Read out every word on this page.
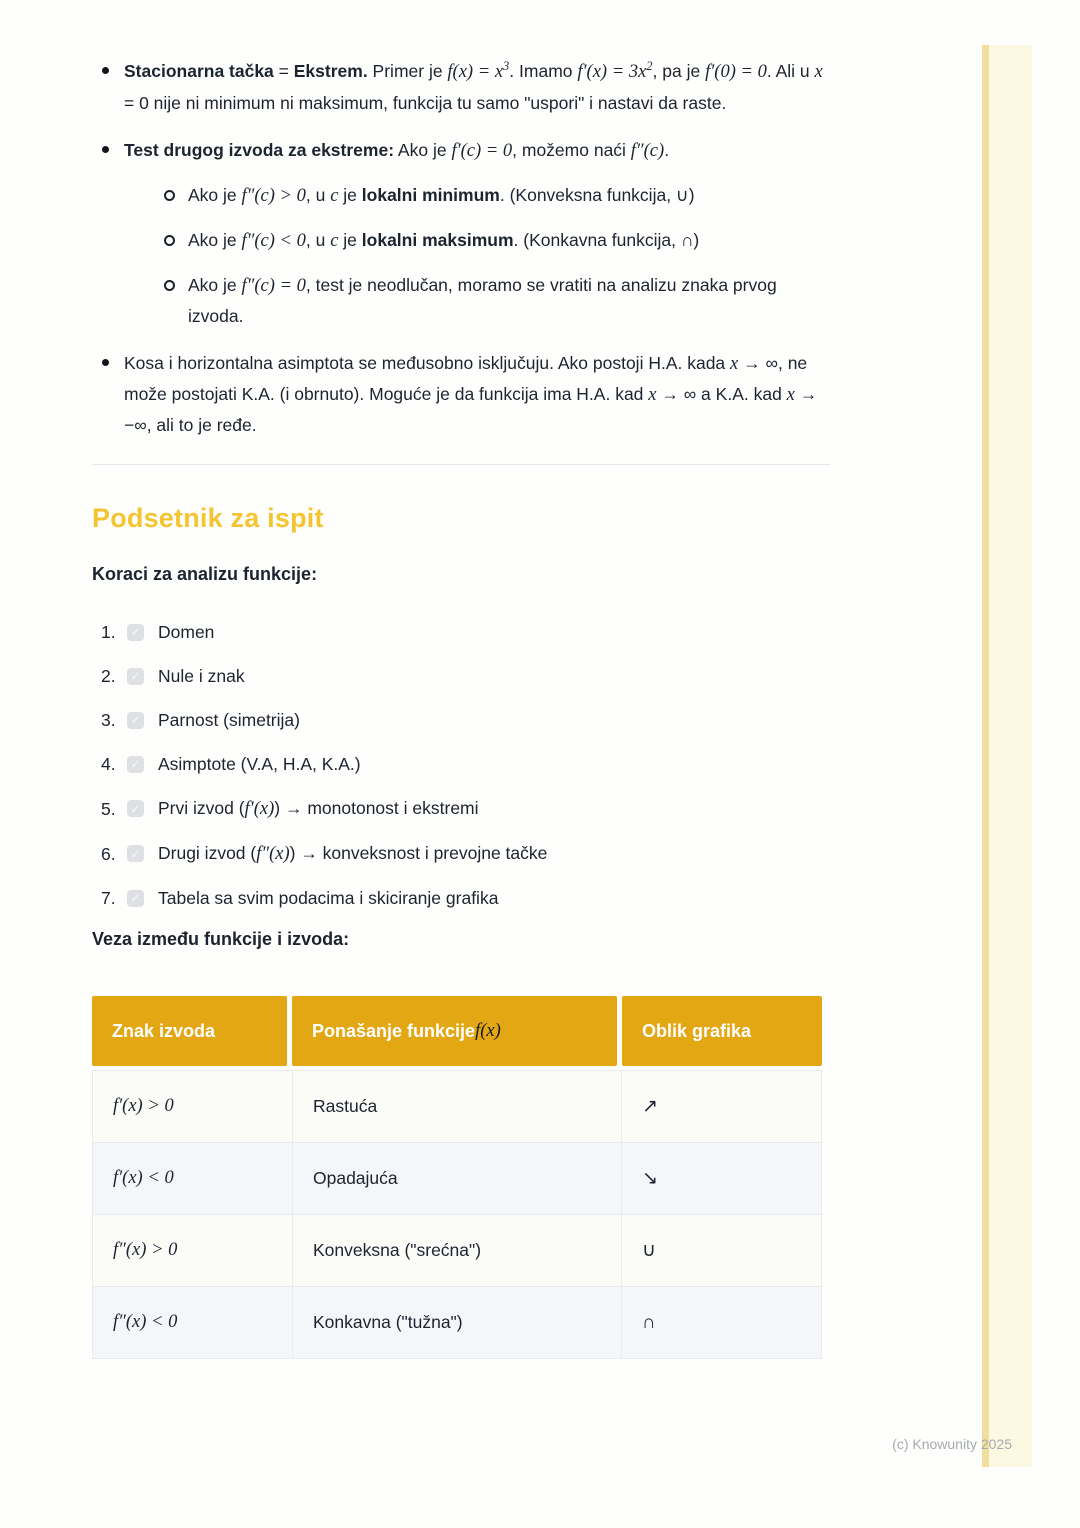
Stacionarna tačka = Ekstrem. Primer je $f(x) = x^3$. Imamo $f'(x) = 3x^2$, pa je f′(0) = 0. Ali u x = 0 nije ni minimum ni maksimum, funkcija tu samo "uspori" i nastavi da raste.
Test drugog izvoda za ekstreme: Ako je f′(c) = 0, možemo naći f″(c).
Ako je f″(c) > 0, u c je lokalni minimum. (Konveksna funkcija, ∪)
Ako je f″(c) < 0, u c je lokalni maksimum. (Konkavna funkcija, ∩)
Ako je f″(c) = 0, test je neodlučan, moramo se vratiti na analizu znaka prvog izvoda.
Kosa i horizontalna asimptota se međusobno isključuju. Ako postoji H.A. kada x → ∞, ne može postojati K.A. (i obrnuto). Moguće je da funkcija ima H.A. kad x → ∞ a K.A. kad x → −∞, ali to je ređe.
Podsetnik za ispit

Koraci za analizu funkcije:

1.	✓ Domen
2.	✓ Nule i znak
3.	✓ Parnost (simetrija)
4.	✓ Asimptote (V.A, H.A, K.A.)
5.	✓ Prvi izvod (f′(x)) → monotonost i ekstremi
6.	✓ Drugi izvod (f″(x)) → konveksnost i prevojne tačke
7.	✓ Tabela sa svim podacima i skiciranje grafika

Veza između funkcije i izvoda:

Znak izvoda	Ponašanje funkcije f(x)	Oblik grafika
f′(x) > 0	Rastuća	↗
f′(x) < 0	Opadajuća	↘
f″(x) > 0	Konveksna ("srećna")	∪
f″(x) < 0	Konkavna ("tužna")	∩
(c) Knowunity 2025
